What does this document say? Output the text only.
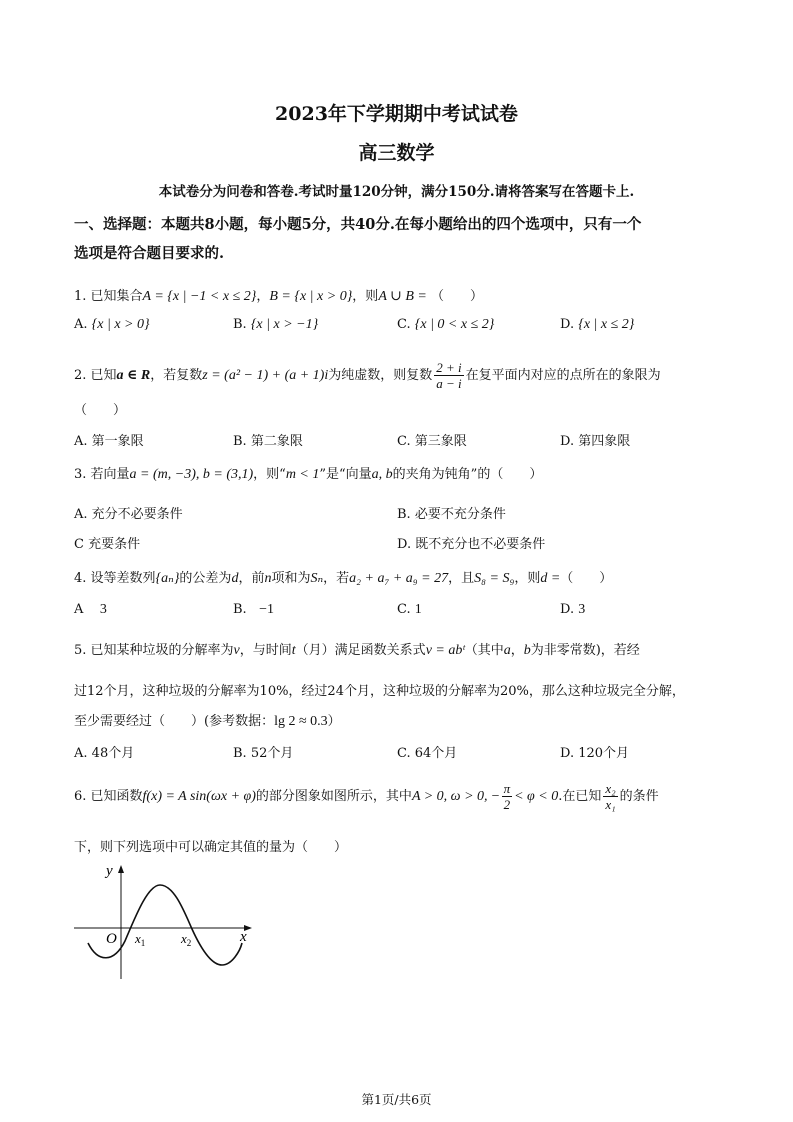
2023年下学期期中考试试卷
高三数学
本试卷分为问卷和答卷.考试时量120分钟，满分150分.请将答案写在答题卡上.
一、选择题：本题共8小题，每小题5分，共40分.在每小题给出的四个选项中，只有一个
选项是符合题目要求的.
1. 已知集合A = {x | −1 < x ≤ 2}，B = {x | x > 0}，则A ∪ B = （　　）
A. {x | x > 0}	B. {x | x > −1}	C. {x | 0 < x ≤ 2}	D. {x | x ≤ 2}
2. 已知a ∈ R，若复数z = (a² − 1) + (a + 1)i为纯虚数，则复数 $\frac{2 + i}{a - i}$ 在复平面内对应的点所在的象限为
（　　）
A. 第一象限	B. 第二象限	C. 第三象限	D. 第四象限
3. 若向量a = (m, −3), b = (3,1)，则“m < 1”是“向量a, b的夹角为钝角”的（　　）
A. 充分不必要条件	B. 必要不充分条件
C 充要条件	D. 既不充分也不必要条件
4. 设等差数列{aₙ}的公差为d，前n项和为Sₙ，若a₂ + a₇ + a₉ = 27，且S₈ = S₉，则d =（　　）
A 3	B. −1	C. 1	D. 3
5. 已知某种垃圾的分解率为v，与时间t（月）满足函数关系式v = abᵗ（其中a，b为非零常数)，若经
过12个月，这种垃圾的分解率为10%，经过24个月，这种垃圾的分解率为20%，那么这种垃圾完全分解，
至少需要经过（　　）(参考数据：lg 2 ≈ 0.3）
A. 48个月	B. 52个月	C. 64个月	D. 120个月
6. 已知函数f(x) = A sin(ωx + φ)的部分图象如图所示，其中A > 0, ω > 0, − $\frac{\pi}{2} < \varphi < 0$.在已知 $\frac{\text{x₂}}{\text{x₁}}$ 的条件
下，则下列选项中可以确定其值的量为（　　）
y
x
O $x_1$	$x_2$
第1页/共6页
